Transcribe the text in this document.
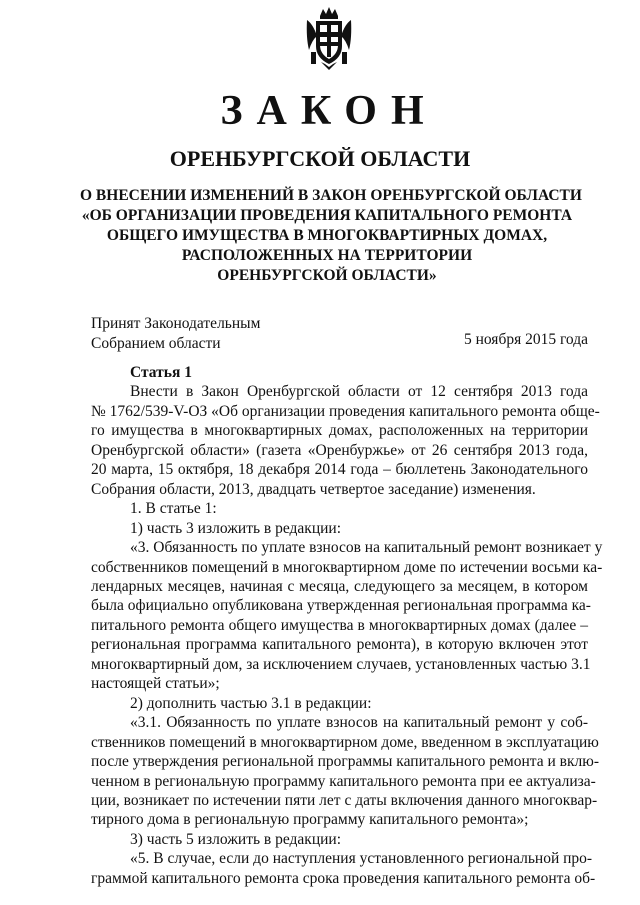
ЗАКОН
ОРЕНБУРГСКОЙ ОБЛАСТИ
О ВНЕСЕНИИ ИЗМЕНЕНИЙ В ЗАКОН ОРЕНБУРГСКОЙ ОБЛАСТИ
«ОБ ОРГАНИЗАЦИИ ПРОВЕДЕНИЯ КАПИТАЛЬНОГО РЕМОНТА
ОБЩЕГО ИМУЩЕСТВА В МНОГОКВАРТИРНЫХ ДОМАХ,
РАСПОЛОЖЕННЫХ НА ТЕРРИТОРИИ
ОРЕНБУРГСКОЙ ОБЛАСТИ»
Принят Законодательным
Собранием области	5 ноября 2015 года
Статья 1
Внести в Закон Оренбургской области от 12 сентября 2013 года
№ 1762/539-V-ОЗ «Об организации проведения капитального ремонта обще-
го имущества в многоквартирных домах, расположенных на территории
Оренбургской области» (газета «Оренбуржье» от 26 сентября 2013 года,
20 марта, 15 октября, 18 декабря 2014 года – бюллетень Законодательного
Собрания области, 2013, двадцать четвертое заседание) изменения.
1. В статье 1:
1) часть 3 изложить в редакции:
«3. Обязанность по уплате взносов на капитальный ремонт возникает у
собственников помещений в многоквартирном доме по истечении восьми ка-
лендарных месяцев, начиная с месяца, следующего за месяцем, в котором
была официально опубликована утвержденная региональная программа ка-
питального ремонта общего имущества в многоквартирных домах (далее –
региональная программа капитального ремонта), в которую включен этот
многоквартирный дом, за исключением случаев, установленных частью 3.1
настоящей статьи»;
2) дополнить частью 3.1 в редакции:
«3.1. Обязанность по уплате взносов на капитальный ремонт у соб-
ственников помещений в многоквартирном доме, введенном в эксплуатацию
после утверждения региональной программы капитального ремонта и вклю-
ченном в региональную программу капитального ремонта при ее актуализа-
ции, возникает по истечении пяти лет с даты включения данного многоквар-
тирного дома в региональную программу капитального ремонта»;
3) часть 5 изложить в редакции:
«5. В случае, если до наступления установленного региональной про-
граммой капитального ремонта срока проведения капитального ремонта об-
